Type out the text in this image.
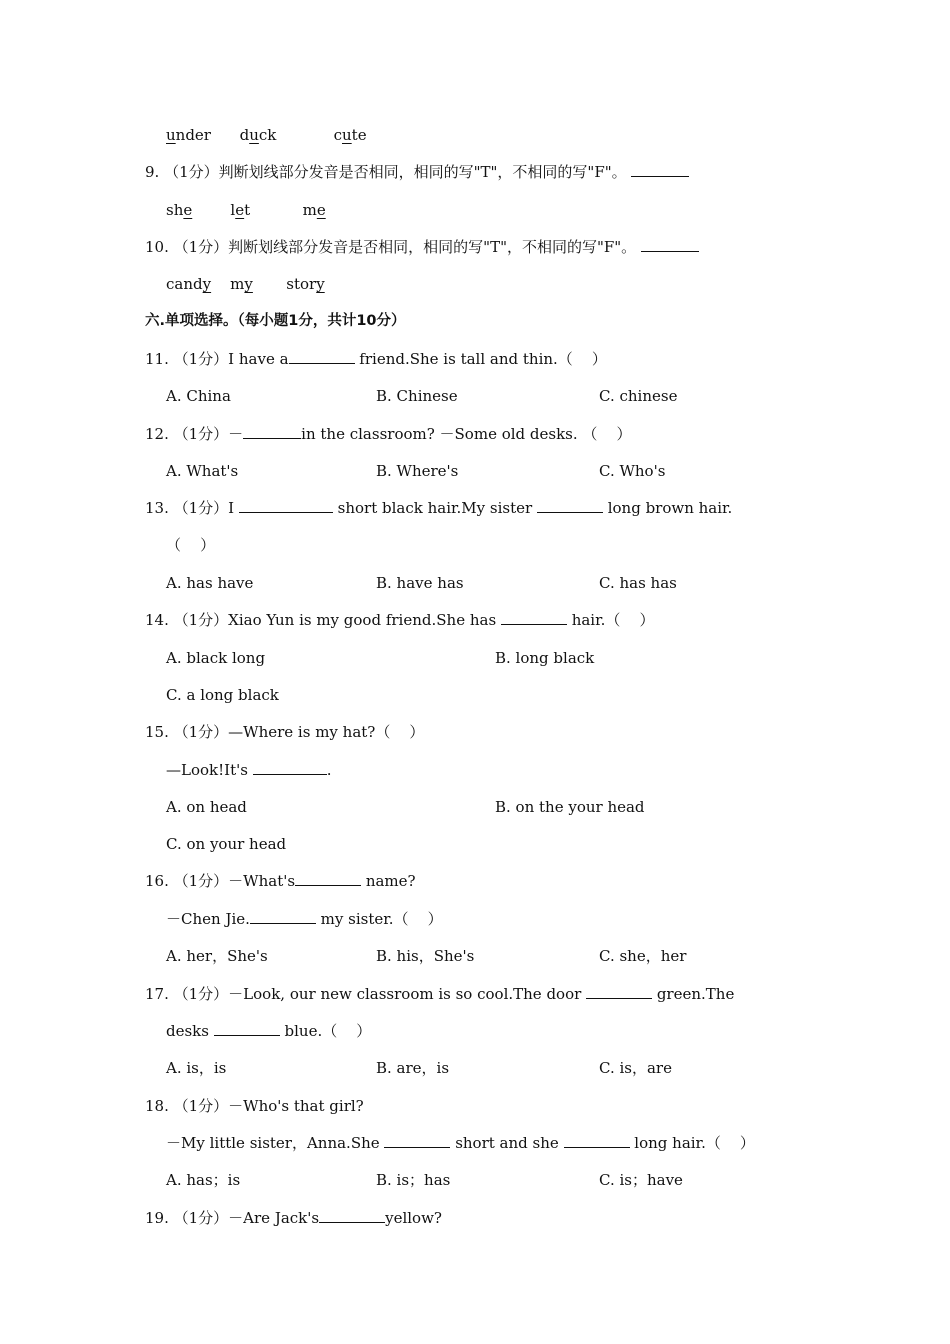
under duck	cute
9. （1分）判断划线部分发音是否相同，相同的写"T"，不相同的写"F"。
she	let	me
10. （1分）判断划线部分发音是否相同，相同的写"T"，不相同的写"F"。
candy my story
六.单项选择。（每小题1分，共计10分）
11. （1分）I have a	friend.She is tall and thin.（    ）
A. China	B. Chinese	C. chinese
12. （1分）－	in the classroom? －Some old desks. （    ）
A. What's	B. Where's	C. Who's
13. （1分）I	short black hair.My sister	long brown hair.
（    ）
A. has have	B. have has	C. has has
14. （1分）Xiao Yun is my good friend.She has	hair.（    ）
A. black long	B. long black
C. a long black
15. （1分）—Where is my hat?（    ）
—Look!It's	.
A. on head	B. on the your head
C. on your head
16. （1分）－What's	name?
－Chen Jie.	my sister.（    ）
A. her，She's	B. his，She's	C. she，her
17. （1分）－Look, our new classroom is so cool.The door	green.The
desks	blue.（    ）
A. is，is	B. are，is	C. is，are
18. （1分）－Who's that girl?
－My little sister，Anna.She	short and she	long hair.（    ）
A. has；is	B. is；has	C. is；have
19. （1分）－Are Jack's	yellow?
